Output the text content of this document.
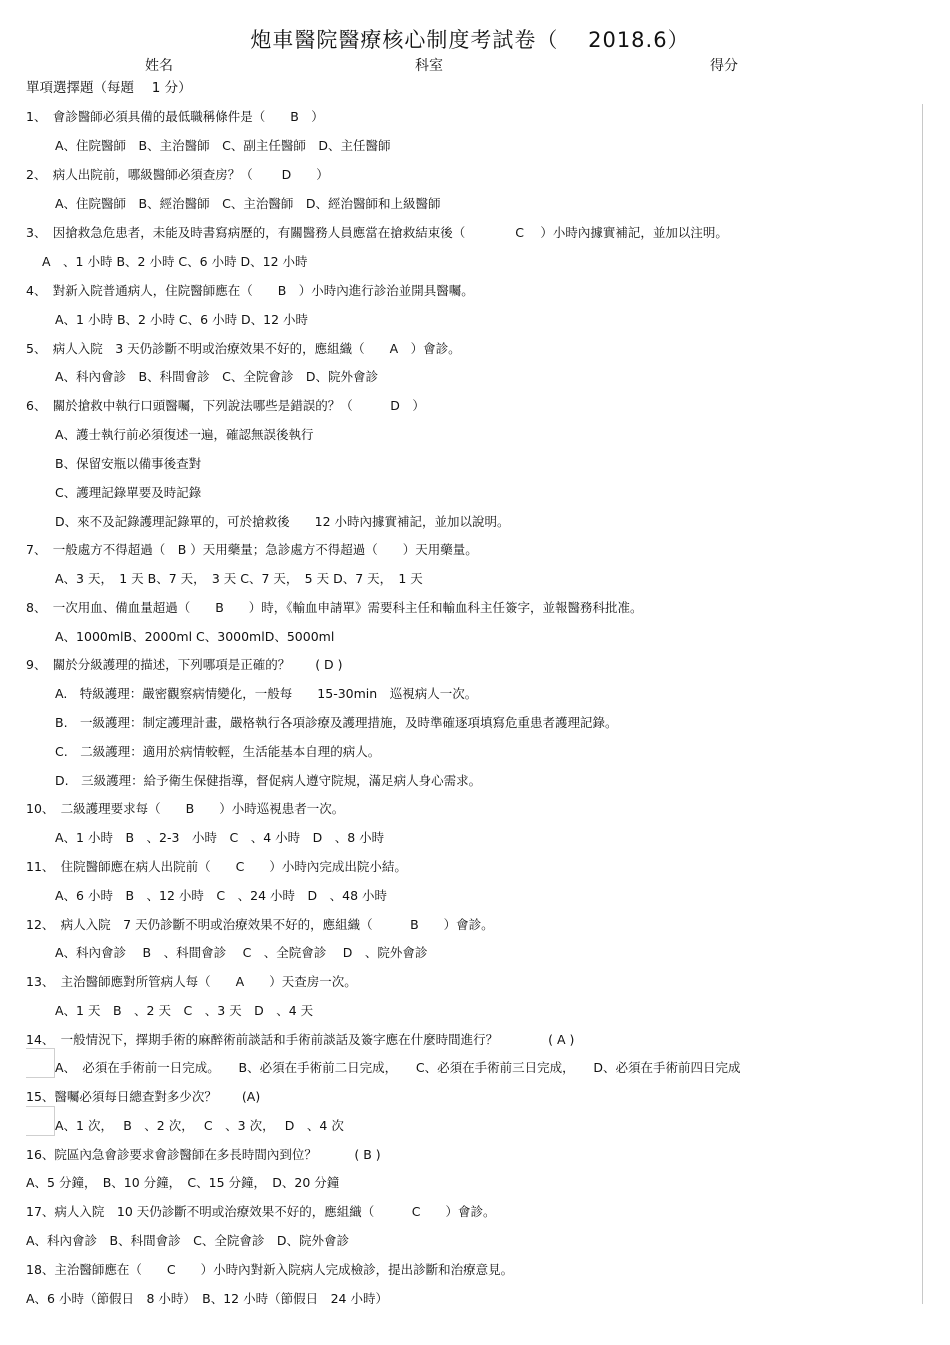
炮車醫院醫療核心制度考試卷（ 　2018.6）
姓名	科室	得分
單項選擇題（每題　 1 分）
1、　會診醫師必須具備的最低職稱條件是（　　B　）
A、住院醫師　B、主治醫師　C、副主任醫師　D、主任醫師
2、　病人出院前，哪級醫師必須查房？（　　 D　　）
A、住院醫師　B、經治醫師　C、主治醫師　D、經治醫師和上級醫師
3、　因搶救急危患者，未能及時書寫病歷的，有關醫務人員應當在搶救結束後（　　　　C　 ）小時內據實補記，並加以注明。
A　、1 小時 B、2 小時 C、6 小時 D、12 小時
4、　對新入院普通病人，住院醫師應在（　　B　）小時內進行診治並開具醫囑。
A、1 小時 B、2 小時 C、6 小時 D、12 小時
5、　病人入院　3 天仍診斷不明或治療效果不好的，應組織（　　A　）會診。
A、科內會診　B、科間會診　C、全院會診　D、院外會診
6、　關於搶救中執行口頭醫囑，下列說法哪些是錯誤的？（　　　D　）
A、護士執行前必須復述一遍，確認無誤後執行
B、保留安瓶以備事後查對
C、護理記錄單要及時記錄
D、來不及記錄護理記錄單的，可於搶救後　　12 小時內據實補記，並加以說明。
7、　一般處方不得超過（　B ）天用藥量；急診處方不得超過（　　）天用藥量。
A、3 天，　1 天 B、7 天，　3 天 C、7 天，　5 天 D、7 天，　1 天
8、　一次用血、備血量超過（　　B　　）時，《輸血申請單》需要科主任和輸血科主任簽字，並報醫務科批准。
A、1000mlB、2000ml C、3000mlD、5000ml
9、　關於分級護理的描述，下列哪項是正確的？　　( D )
A.　特級護理：嚴密觀察病情變化，一般每　　15-30min　巡視病人一次。
B.　一級護理：制定護理計畫，嚴格執行各項診療及護理措施，及時準確逐項填寫危重患者護理記錄。
C.　二級護理：適用於病情較輕，生活能基本自理的病人。
D.　三級護理：給予衛生保健指導，督促病人遵守院規，滿足病人身心需求。
10、　二級護理要求每（　　B　　）小時巡視患者一次。
A、1 小時　B　、2-3　小時　C　、4 小時　D　、8 小時
11、　住院醫師應在病人出院前（　　C　　）小時內完成出院小結。
A、6 小時　B　、12 小時　C　、24 小時　D　、48 小時
12、　病人入院　7 天仍診斷不明或治療效果不好的，應組織（　　　B　　）會診。
A、科內會診　 B　、科間會診　 C　、全院會診　 D　、院外會診
13、　主治醫師應對所管病人每（　　A　　）天查房一次。
A、1 天　B　、2 天　C　、3 天　D　、4 天
14、　一般情況下，擇期手術的麻醉術前談話和手術前談話及簽字應在什麼時間進行？　　　　( A )
A、　必須在手術前一日完成。　　B、必須在手術前二日完成，　　C、必須在手術前三日完成，　　D、必須在手術前四日完成
15、醫囑必須每日總查對多少次？　　(A)
A、1 次，　 B　、2 次，　 C　、3 次，　 D　、4 次
16、院區內急會診要求會診醫師在多長時間內到位？　　　( B )
A、5 分鐘，　B、10 分鐘，　C、15 分鐘，　D、20 分鐘
17、病人入院　10 天仍診斷不明或治療效果不好的，應組織（　　　C　　）會診。
A、科內會診　B、科間會診　C、全院會診　D、院外會診
18、主治醫師應在（　　C　　）小時內對新入院病人完成檢診，提出診斷和治療意見。
A、6 小時（節假日　8 小時）　B、12 小時（節假日　24 小時）
